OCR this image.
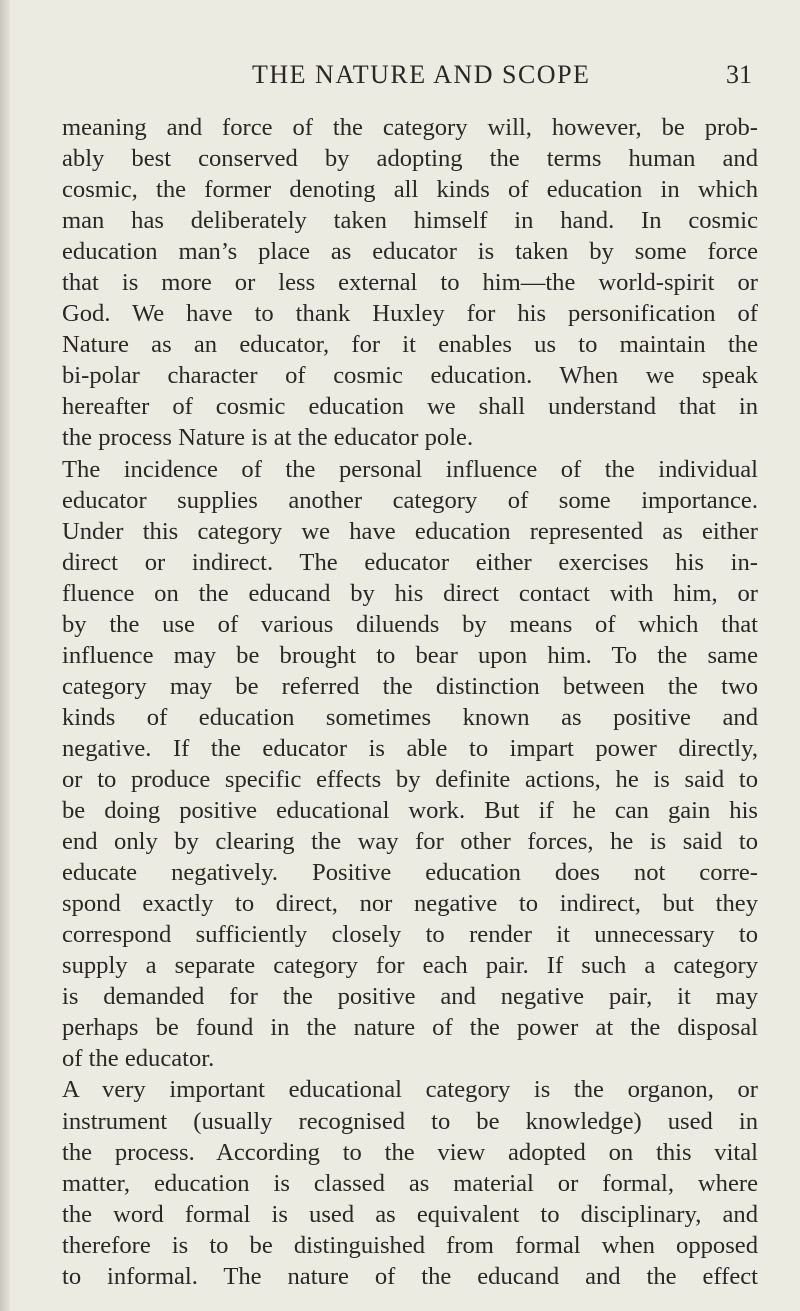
THE NATURE AND SCOPE	31
meaning and force of the category will, however, be prob-
ably best conserved by adopting the terms human and
cosmic, the former denoting all kinds of education in which
man has deliberately taken himself in hand. In cosmic
education man’s place as educator is taken by some force
that is more or less external to him—the world-spirit or
God. We have to thank Huxley for his personification of
Nature as an educator, for it enables us to maintain the
bi-polar character of cosmic education. When we speak
hereafter of cosmic education we shall understand that in
the process Nature is at the educator pole.
The incidence of the personal influence of the individual
educator supplies another category of some importance.
Under this category we have education represented as either
direct or indirect. The educator either exercises his in-
fluence on the educand by his direct contact with him, or
by the use of various diluends by means of which that
influence may be brought to bear upon him. To the same
category may be referred the distinction between the two
kinds of education sometimes known as positive and
negative. If the educator is able to impart power directly,
or to produce specific effects by definite actions, he is said to
be doing positive educational work. But if he can gain his
end only by clearing the way for other forces, he is said to
educate negatively. Positive education does not corre-
spond exactly to direct, nor negative to indirect, but they
correspond sufficiently closely to render it unnecessary to
supply a separate category for each pair. If such a category
is demanded for the positive and negative pair, it may
perhaps be found in the nature of the power at the disposal
of the educator.
A very important educational category is the organon, or
instrument (usually recognised to be knowledge) used in
the process. According to the view adopted on this vital
matter, education is classed as material or formal, where
the word formal is used as equivalent to disciplinary, and
therefore is to be distinguished from formal when opposed
to informal. The nature of the educand and the effect
